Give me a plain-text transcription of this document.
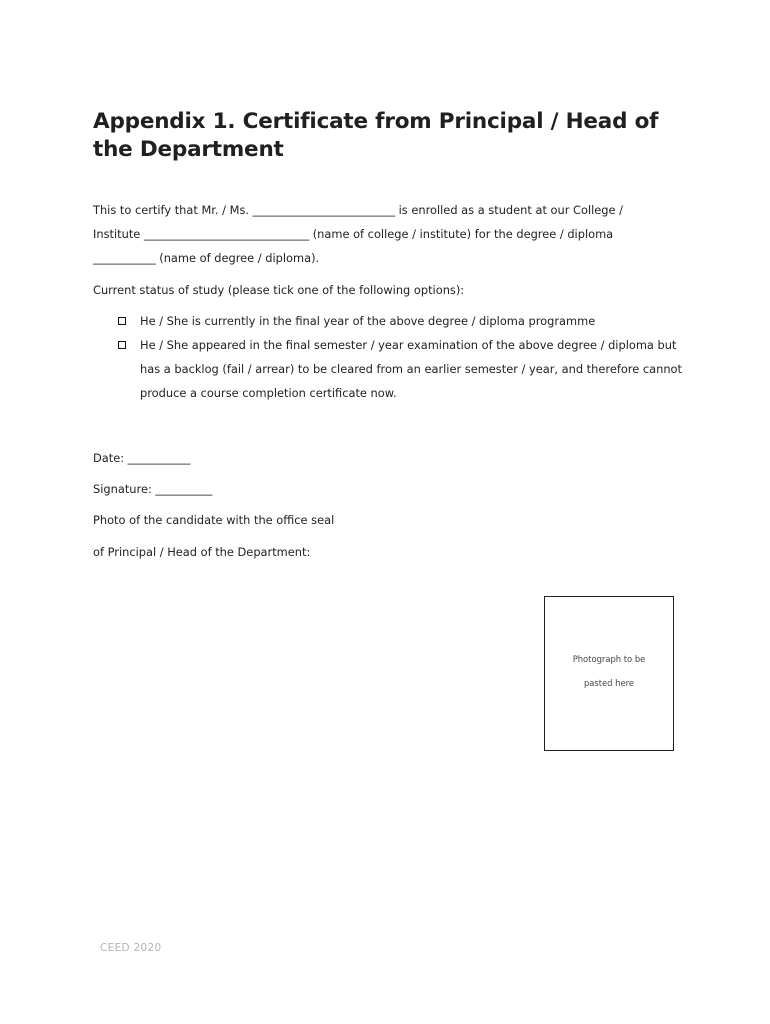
Appendix 1. Certificate from Principal / Head of the Department
This to certify that Mr. / Ms. _________________________ is enrolled as a student at our College /
Institute _____________________________ (name of college / institute) for the degree / diploma
___________ (name of degree / diploma).
Current status of study (please tick one of the following options):
He / She is currently in the final year of the above degree / diploma programme
He / She appeared in the final semester / year examination of the above degree / diploma but
has a backlog (fail / arrear) to be cleared from an earlier semester / year, and therefore cannot
produce a course completion certificate now.
Date: ___________
Signature: __________
Photo of the candidate with the office seal
of Principal / Head of the Department:
Photograph to be
pasted here
CEED 2020
